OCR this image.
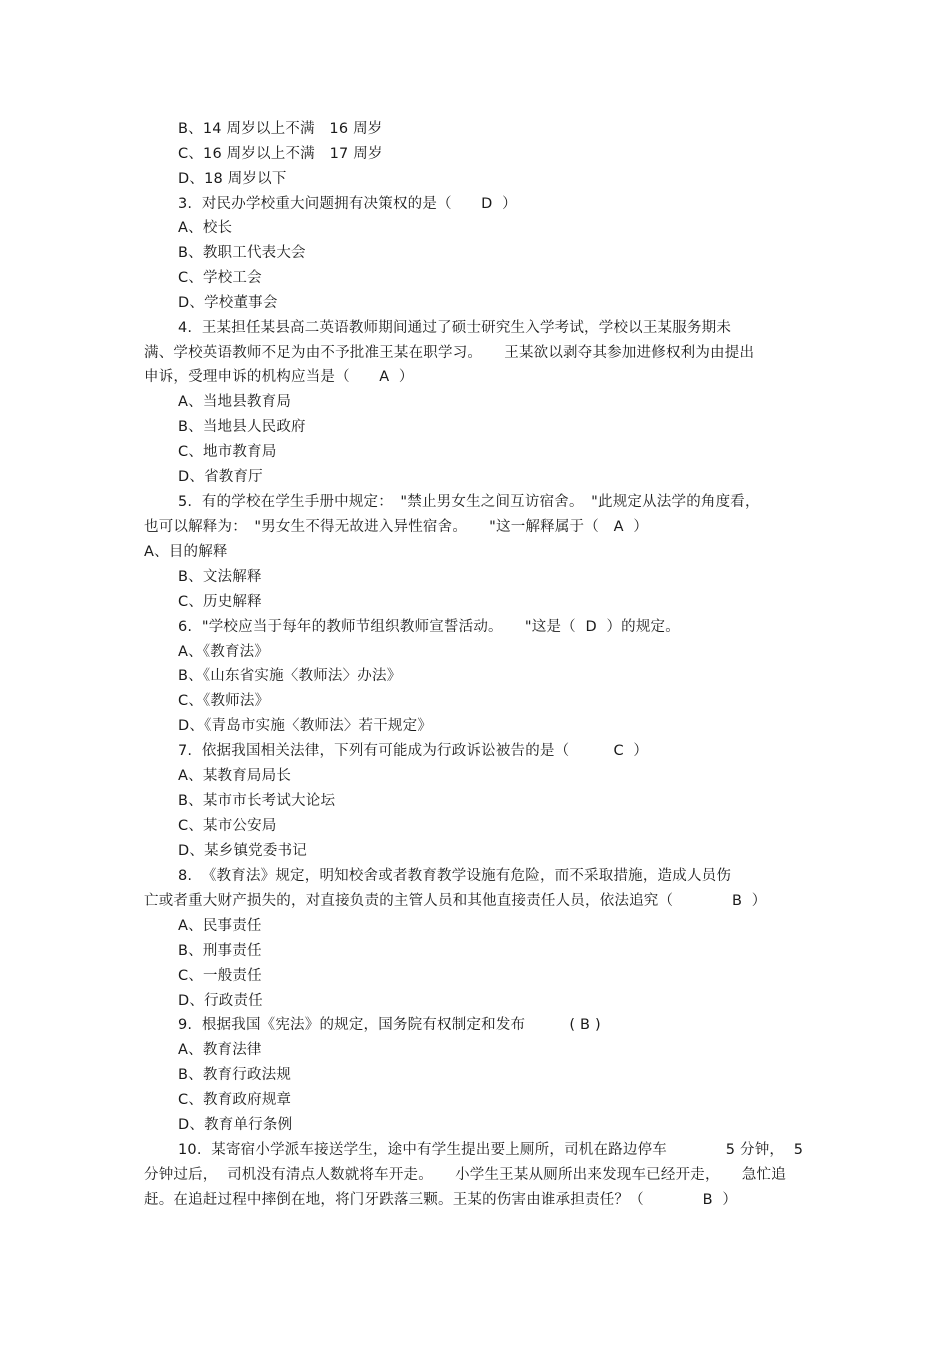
B、14 周岁以上不满　16 周岁
C、16 周岁以上不满　17 周岁
D、18 周岁以下
3.  对民办学校重大问题拥有决策权的是（　　D  ）
A、校长
B、教职工代表大会
C、学校工会
D、学校董事会
4.  王某担任某县高二英语教师期间通过了硕士研究生入学考试，学校以王某服务期未
满、学校英语教师不足为由不予批准王某在职学习。　　王某欲以剥夺其参加进修权利为由提出
申诉，受理申诉的机构应当是（　　A  ）
A、当地县教育局
B、当地县人民政府
C、地市教育局
D、省教育厅
5.  有的学校在学生手册中规定：　"禁止男女生之间互访宿舍。　"此规定从法学的角度看，
也可以解释为：　"男女生不得无故进入异性宿舍。　　"这一解释属于（　A  ）
A、目的解释
B、文法解释
C、历史解释
6.  "学校应当于每年的教师节组织教师宣誓活动。　　"这是（  D  ）的规定。
A、《教育法》
B、《山东省实施〈教师法〉办法》
C、《教师法》
D、《青岛市实施〈教师法〉若干规定》
7.  依据我国相关法律，下列有可能成为行政诉讼被告的是（　　　C  ）
A、某教育局局长
B、某市市长考试大论坛
C、某市公安局
D、某乡镇党委书记
8.  《教育法》规定，明知校舍或者教育教学设施有危险，而不采取措施，造成人员伤
亡或者重大财产损失的，对直接负责的主管人员和其他直接责任人员，依法追究（　　　　B  ）
A、民事责任
B、刑事责任
C、一般责任
D、行政责任
9.  根据我国《宪法》的规定，国务院有权制定和发布　　　( B )
A、教育法律
B、教育行政法规
C、教育政府规章
D、教育单行条例
10.  某寄宿小学派车接送学生，途中有学生提出要上厕所，司机在路边停车　　　　5 分钟，  5
分钟过后，  司机没有清点人数就将车开走。　　小学生王某从厕所出来发现车已经开走，　　急忙追
赶。在追赶过程中摔倒在地，将门牙跌落三颗。王某的伤害由谁承担责任？（　　　　B  ）
